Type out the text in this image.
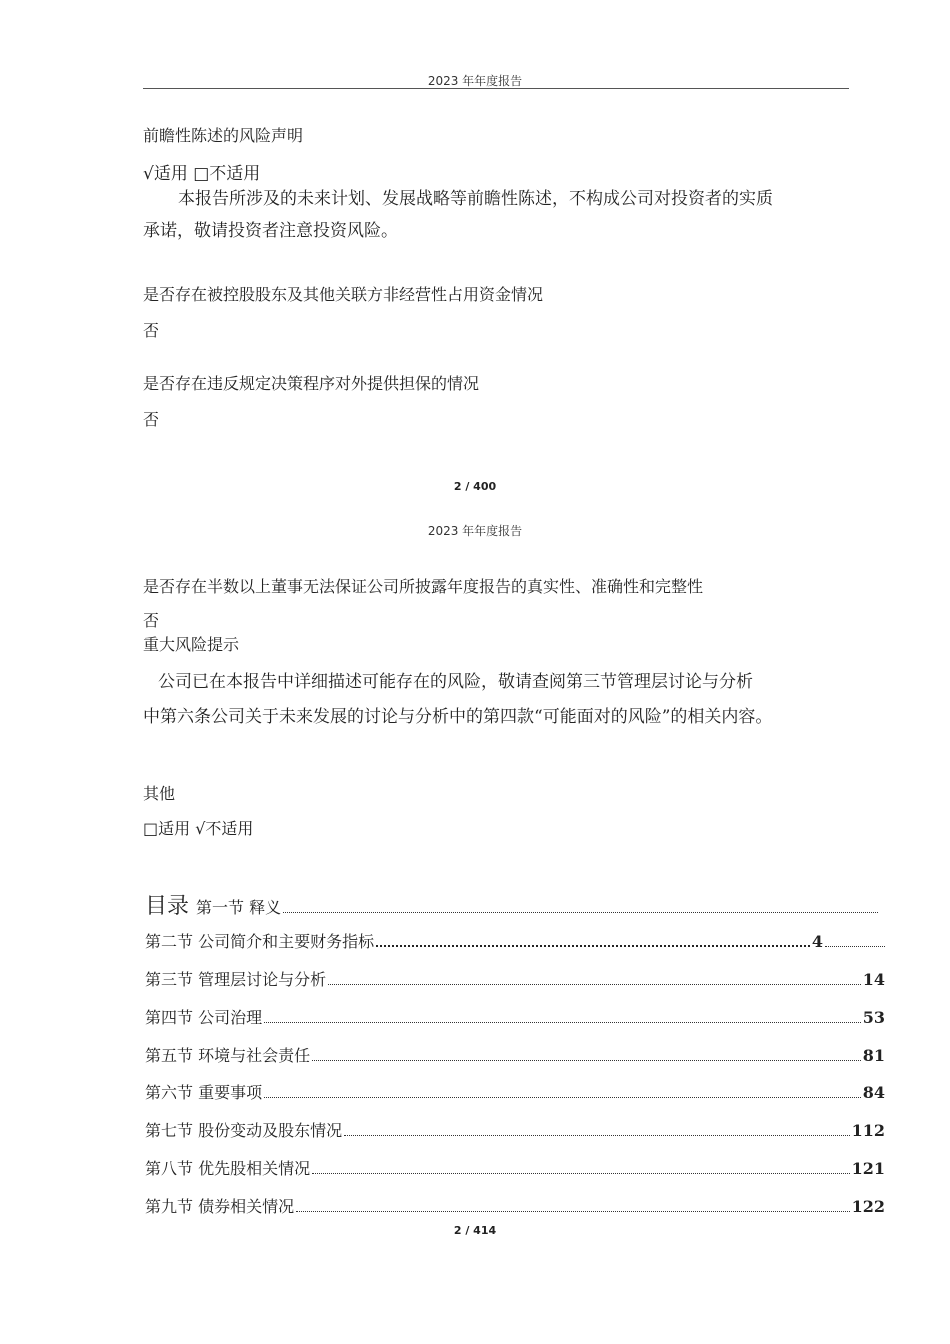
2023 年年度报告
前瞻性陈述的风险声明
√适用 □不适用
本报告所涉及的未来计划、发展战略等前瞻性陈述，不构成公司对投资者的实质
承诺，敬请投资者注意投资风险。
是否存在被控股股东及其他关联方非经营性占用资金情况
否
是否存在违反规定决策程序对外提供担保的情况
否
2 / 400
2023 年年度报告
是否存在半数以上董事无法保证公司所披露年度报告的真实性、准确性和完整性
否
重大风险提示
公司已在本报告中详细描述可能存在的风险，敬请查阅第三节管理层讨论与分析
中第六条公司关于未来发展的讨论与分析中的第四款“可能面对的风险”的相关内容。
其他
□适用 √不适用
目录 第一节 释义
第二节 公司简介和主要财务指标	4
第三节 管理层讨论与分析	14
第四节 公司治理	53
第五节 环境与社会责任	81
第六节 重要事项	84
第七节 股份变动及股东情况	112
第八节 优先股相关情况	121
第九节 债券相关情况	122
2 / 414
